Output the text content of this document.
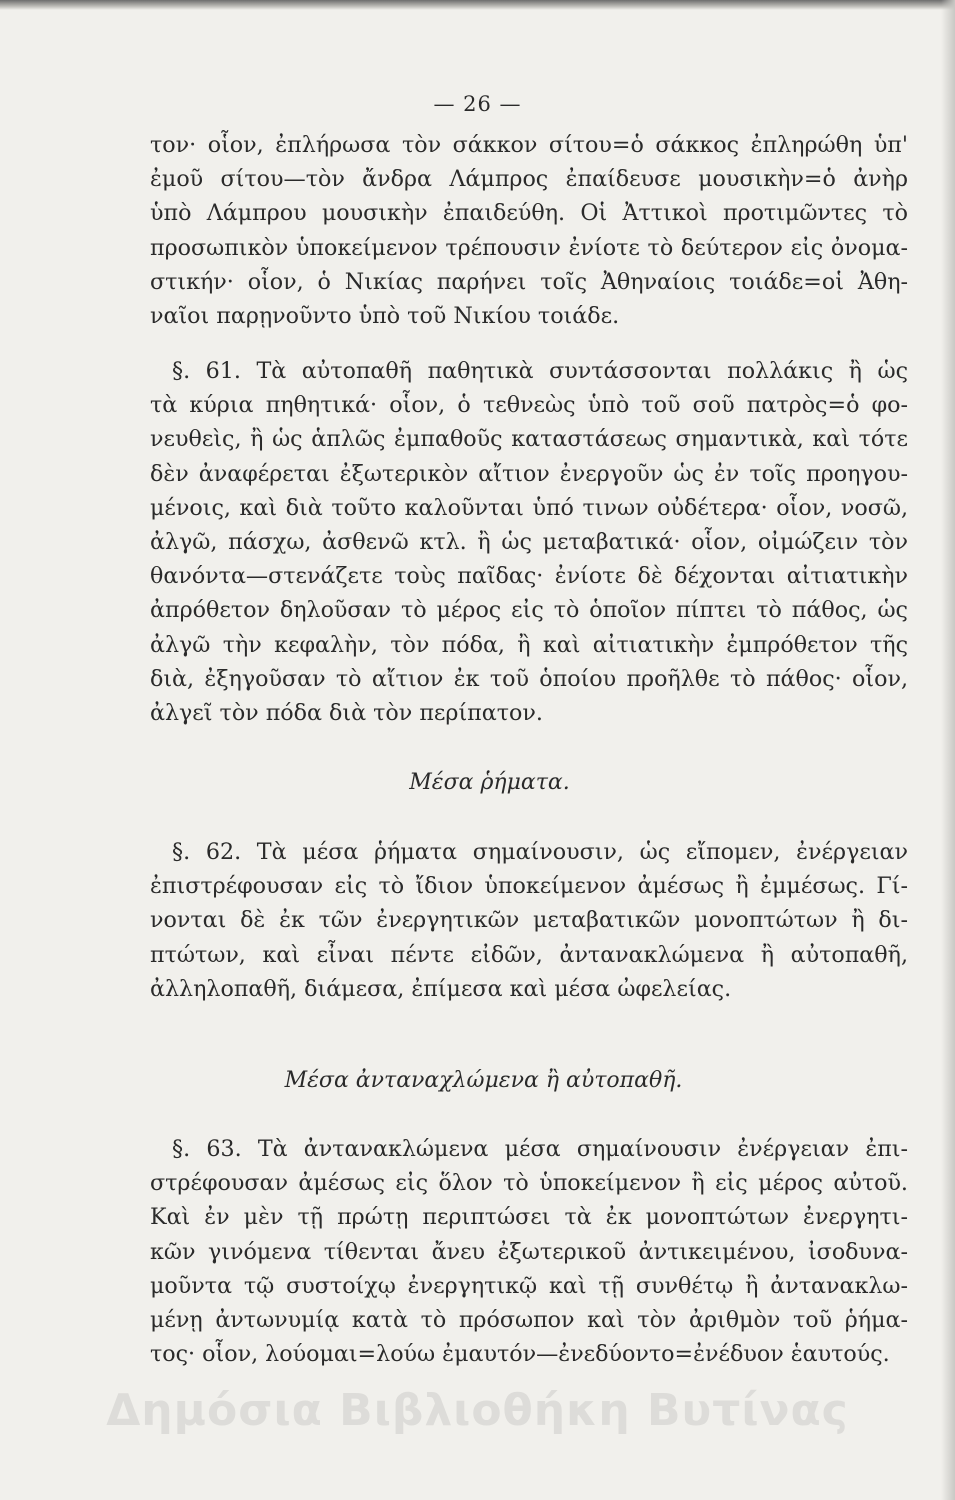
— 26 —

τον· οἷον, ἐπλήρωσα τὸν σάκκον σίτου=ὁ σάκκος ἐπληρώθη ὑπ'

ἐμοῦ σίτου—τὸν ἄνδρα Λάμπρος ἐπαίδευσε μουσικὴν=ὁ ἀνὴρ

ὑπὸ Λάμπρου μουσικὴν ἐπαιδεύθη. Οἱ Ἀττικοὶ προτιμῶντες τὸ

προσωπικὸν ὑποκείμενον τρέπουσιν ἐνίοτε τὸ δεύτερον εἰς ὀνομα-

στικήν· οἷον, ὁ Νικίας παρήνει τοῖς Ἀθηναίοις τοιάδε=οἱ Ἀθη-

ναῖοι παρῃνοῦντο ὑπὸ τοῦ Νικίου τοιάδε.

§. 61. Τὰ αὐτοπαθῆ παθητικὰ συντάσσονται πολλάκις ἢ ὡς

τὰ κύρια πηθητικά· οἷον, ὁ τεθνεὼς ὑπὸ τοῦ σοῦ πατρὸς=ὁ φο-

νευθεὶς, ἢ ὡς ἁπλῶς ἐμπαθοῦς καταστάσεως σημαντικὰ, καὶ τότε

δὲν ἀναφέρεται ἐξωτερικὸν αἴτιον ἐνεργοῦν ὡς ἐν τοῖς προηγου-

μένοις, καὶ διὰ τοῦτο καλοῦνται ὑπό τινων οὐδέτερα· οἷον, νοσῶ,

ἀλγῶ, πάσχω, ἀσθενῶ κτλ. ἢ ὡς μεταβατικά· οἷον, οἰμώζειν τὸν

θανόντα—στενάζετε τοὺς παῖδας· ἐνίοτε δὲ δέχονται αἰτιατικὴν

ἀπρόθετον δηλοῦσαν τὸ μέρος εἰς τὸ ὁποῖον πίπτει τὸ πάθος, ὡς

ἀλγῶ τὴν κεφαλὴν, τὸν πόδα, ἢ καὶ αἰτιατικὴν ἐμπρόθετον τῆς

διὰ, ἐξηγοῦσαν τὸ αἴτιον ἐκ τοῦ ὁποίου προῆλθε τὸ πάθος· οἷον,

ἀλγεῖ τὸν πόδα διὰ τὸν περίπατον.

Μέσα ῥήματα.

§. 62. Τὰ μέσα ῥήματα σημαίνουσιν, ὡς εἴπομεν, ἐνέργειαν

ἐπιστρέφουσαν εἰς τὸ ἴδιον ὑποκείμενον ἀμέσως ἢ ἐμμέσως. Γί-

νονται δὲ ἐκ τῶν ἐνεργητικῶν μεταβατικῶν μονοπτώτων ἢ δι-

πτώτων, καὶ εἶναι πέντε εἰδῶν, ἀντανακλώμενα ἢ αὐτοπαθῆ,

ἀλληλοπαθῆ, διάμεσα, ἐπίμεσα καὶ μέσα ὠφελείας.

Μέσα ἀνταναχλώμενα ἢ αὐτοπαθῆ.

§. 63. Τὰ ἀντανακλώμενα μέσα σημαίνουσιν ἐνέργειαν ἐπι-

στρέφουσαν ἀμέσως εἰς ὅλον τὸ ὑποκείμενον ἢ εἰς μέρος αὐτοῦ.

Καὶ ἐν μὲν τῇ πρώτῃ περιπτώσει τὰ ἐκ μονοπτώτων ἐνεργητι-

κῶν γινόμενα τίθενται ἄνευ ἐξωτερικοῦ ἀντικειμένου, ἰσοδυνα-

μοῦντα τῷ συστοίχῳ ἐνεργητικῷ καὶ τῇ συνθέτῳ ἢ ἀντανακλω-

μένῃ ἀντωνυμίᾳ κατὰ τὸ πρόσωπον καὶ τὸν ἀριθμὸν τοῦ ῥήμα-

τος· οἷον, λούομαι=λούω ἐμαυτόν—ἐνεδύοντο=ἐνέδυον ἑαυτούς.

Δημόσια Βιβλιοθήκη Βυτίνας
